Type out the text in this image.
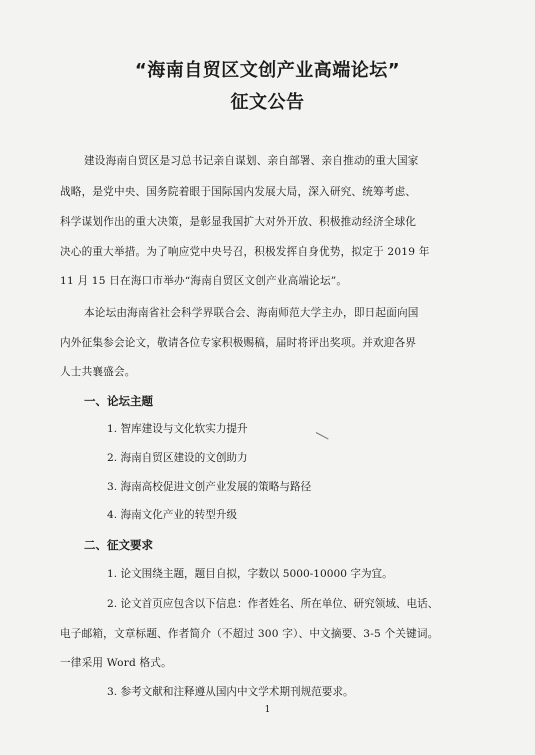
“海南自贸区文创产业高端论坛”
征文公告
建设海南自贸区是习总书记亲自谋划、亲自部署、亲自推动的重大国家
战略，是党中央、国务院着眼于国际国内发展大局，深入研究、统筹考虑、
科学谋划作出的重大决策，是彰显我国扩大对外开放、积极推动经济全球化
决心的重大举措。为了响应党中央号召，积极发挥自身优势，拟定于 2019 年
11 月 15 日在海口市举办“海南自贸区文创产业高端论坛”。
本论坛由海南省社会科学界联合会、海南师范大学主办，即日起面向国
内外征集参会论文，敬请各位专家积极赐稿，届时将评出奖项。并欢迎各界
人士共襄盛会。
一、论坛主题
1. 智库建设与文化软实力提升
2. 海南自贸区建设的文创助力
3. 海南高校促进文创产业发展的策略与路径
4. 海南文化产业的转型升级
二、征文要求
1. 论文围绕主题，题目自拟，字数以 5000-10000 字为宜。
2. 论文首页应包含以下信息：作者姓名、所在单位、研究领域、电话、
电子邮箱，文章标题、作者简介（不超过 300 字）、中文摘要、3-5 个关键词。
一律采用 Word 格式。
3. 参考文献和注释遵从国内中文学术期刊规范要求。
1
